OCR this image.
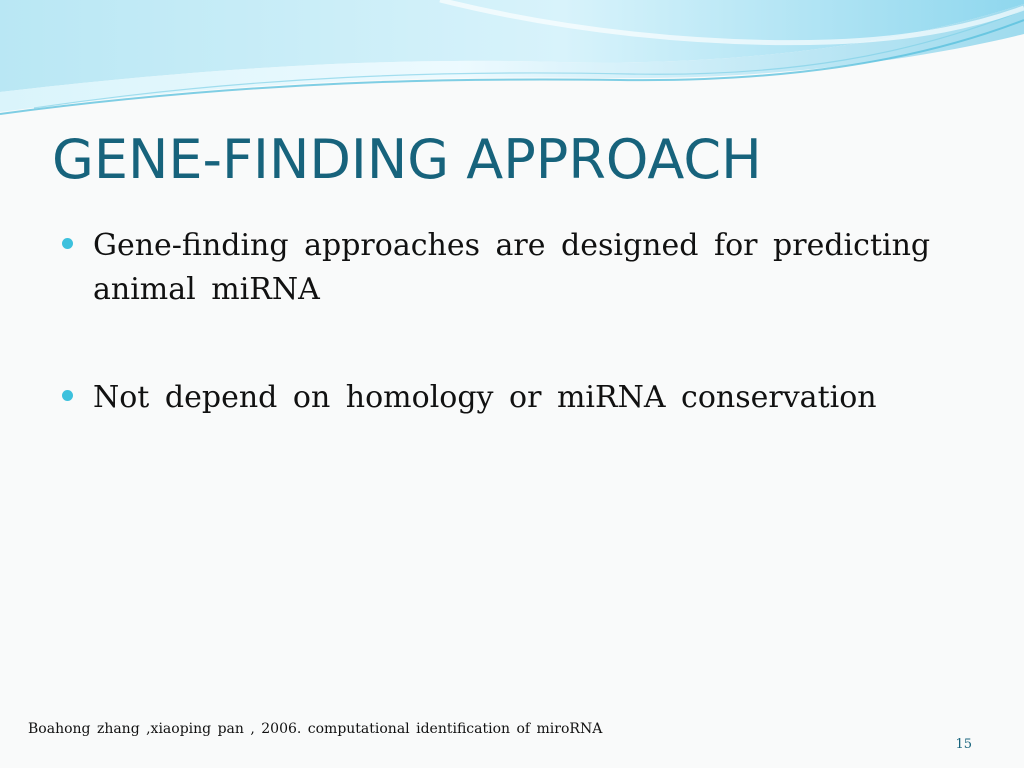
GENE-FINDING APPROACH
Gene-finding approaches are designed for predicting animal miRNA
Not depend on homology or miRNA conservation
Boahong zhang ,xiaoping pan , 2006. computational identification of miroRNA
15
